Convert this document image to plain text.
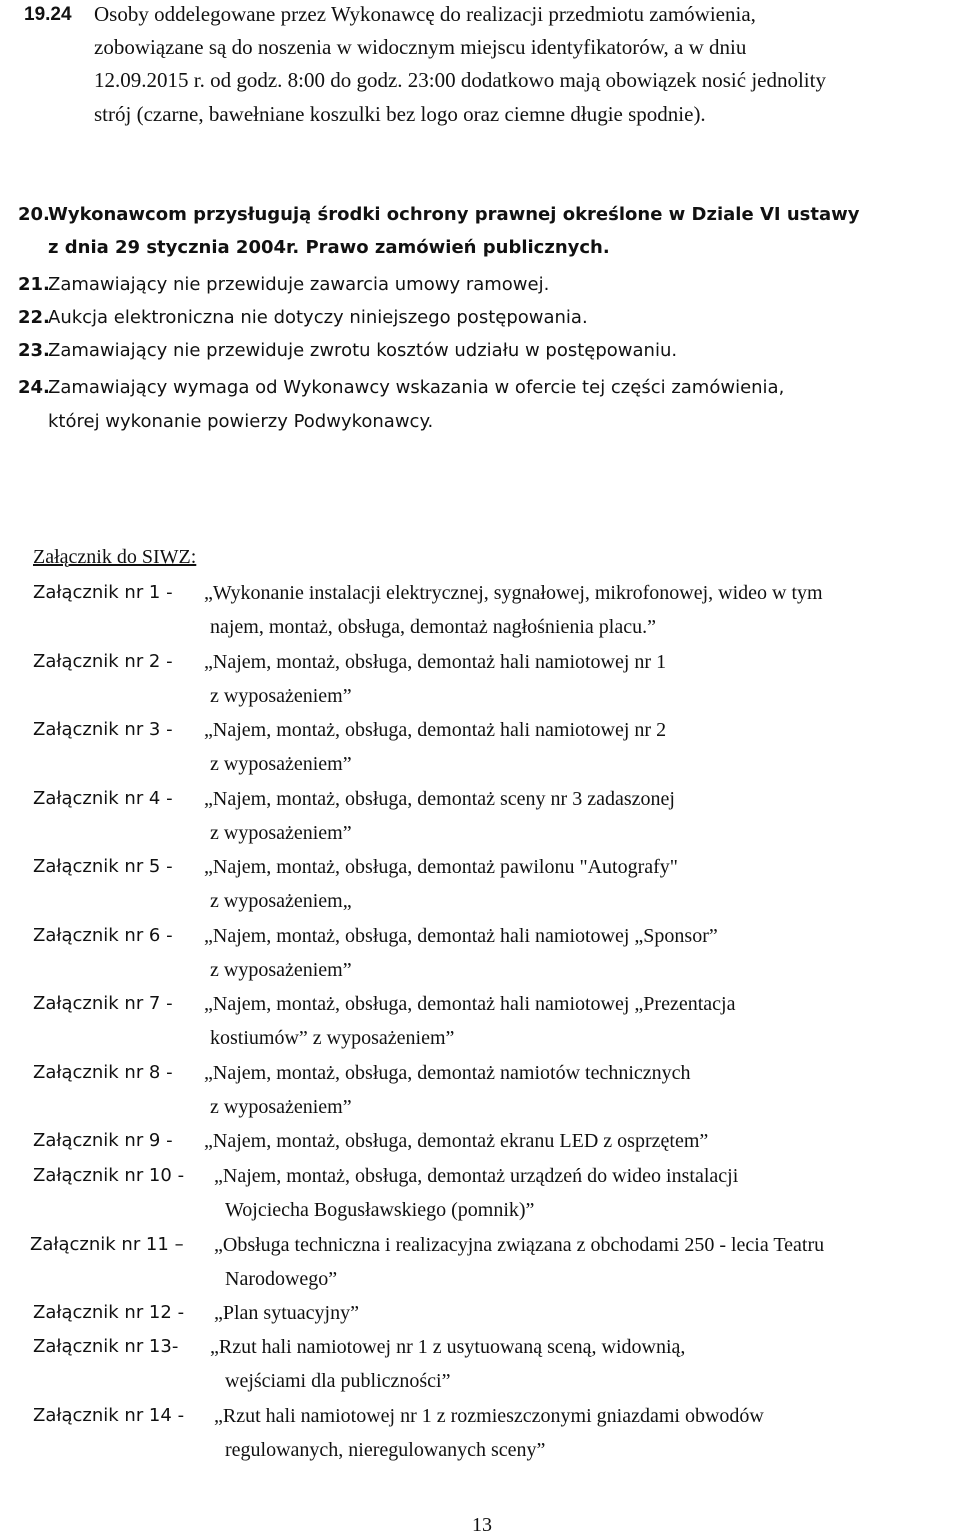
19.24 Osoby oddelegowane przez Wykonawcę do realizacji przedmiotu zamówienia,
zobowiązane są do noszenia w widocznym miejscu identyfikatorów, a w dniu
12.09.2015 r. od godz. 8:00 do godz. 23:00 dodatkowo mają obowiązek nosić jednolity
strój (czarne, bawełniane koszulki bez logo oraz ciemne długie spodnie).
20.
Wykonawcom przysługują środki ochrony prawnej określone w Dziale VI ustawy
z dnia 29 stycznia 2004r. Prawo zamówień publicznych.
21.
Zamawiający nie przewiduje zawarcia umowy ramowej.
22.
Aukcja elektroniczna nie dotyczy niniejszego postępowania.
23.
Zamawiający nie przewiduje zwrotu kosztów udziału w postępowaniu.
24.
Zamawiający wymaga od Wykonawcy wskazania w ofercie tej części zamówienia,
której wykonanie powierzy Podwykonawcy.
Załącznik do SIWZ:
Załącznik nr 1 - „Wykonanie instalacji elektrycznej, sygnałowej, mikrofonowej, wideo w tym
najem, montaż, obsługa, demontaż nagłośnienia placu.”
Załącznik nr 2 - „Najem, montaż, obsługa, demontaż hali namiotowej nr 1
z wyposażeniem”
Załącznik nr 3 - „Najem, montaż, obsługa, demontaż hali namiotowej nr 2
z wyposażeniem”
Załącznik nr 4 - „Najem, montaż, obsługa, demontaż sceny nr 3 zadaszonej
z wyposażeniem”
Załącznik nr 5 - „Najem, montaż, obsługa, demontaż pawilonu "Autografy"
z wyposażeniem„
Załącznik nr 6 - „Najem, montaż, obsługa, demontaż hali namiotowej „Sponsor”
z wyposażeniem”
Załącznik nr 7 - „Najem, montaż, obsługa, demontaż hali namiotowej „Prezentacja
kostiumów” z wyposażeniem”
Załącznik nr 8 - „Najem, montaż, obsługa, demontaż namiotów technicznych
z wyposażeniem”
Załącznik nr 9 - „Najem, montaż, obsługa, demontaż ekranu LED z osprzętem”
Załącznik nr 10 - „Najem, montaż, obsługa, demontaż urządzeń do wideo instalacji
Wojciecha Bogusławskiego (pomnik)”
Załącznik nr 11 – „Obsługa techniczna i realizacyjna związana z obchodami 250 - lecia Teatru
Narodowego”
Załącznik nr 12 - „Plan sytuacyjny”
Załącznik nr 13- „Rzut hali namiotowej nr 1 z usytuowaną sceną, widownią,
wejściami dla publiczności”
Załącznik nr 14 - „Rzut hali namiotowej nr 1 z rozmieszczonymi gniazdami obwodów
regulowanych, nieregulowanych sceny”
13
